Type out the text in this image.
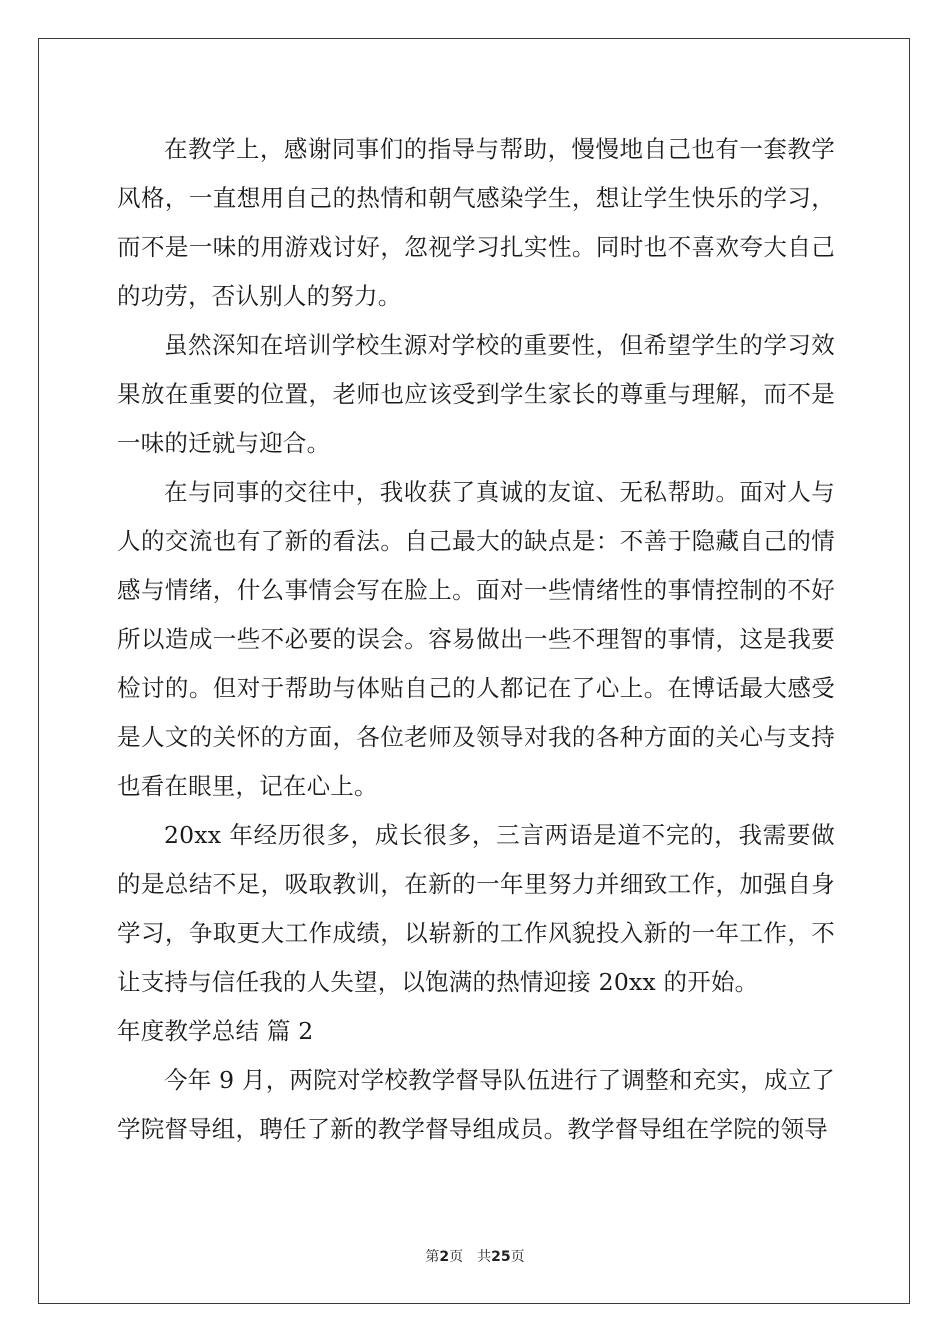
在教学上，感谢同事们的指导与帮助，慢慢地自己也有一套教学风格，一直想用自己的热情和朝气感染学生，想让学生快乐的学习，而不是一味的用游戏讨好，忽视学习扎实性。同时也不喜欢夸大自己的功劳，否认别人的努力。

虽然深知在培训学校生源对学校的重要性，但希望学生的学习效果放在重要的位置，老师也应该受到学生家长的尊重与理解，而不是一味的迁就与迎合。

在与同事的交往中，我收获了真诚的友谊、无私帮助。面对人与人的交流也有了新的看法。自己最大的缺点是：不善于隐藏自己的情感与情绪，什么事情会写在脸上。面对一些情绪性的事情控制的不好所以造成一些不必要的误会。容易做出一些不理智的事情，这是我要检讨的。但对于帮助与体贴自己的人都记在了心上。在博话最大感受是人文的关怀的方面，各位老师及领导对我的各种方面的关心与支持也看在眼里，记在心上。

20xx 年经历很多，成长很多，三言两语是道不完的，我需要做的是总结不足，吸取教训，在新的一年里努力并细致工作，加强自身学习，争取更大工作成绩，以崭新的工作风貌投入新的一年工作，不让支持与信任我的人失望，以饱满的热情迎接 20xx 的开始。

年度教学总结 篇 2

今年 9 月，两院对学校教学督导队伍进行了调整和充实，成立了学院督导组，聘任了新的教学督导组成员。教学督导组在学院的领导

第2页 共25页
